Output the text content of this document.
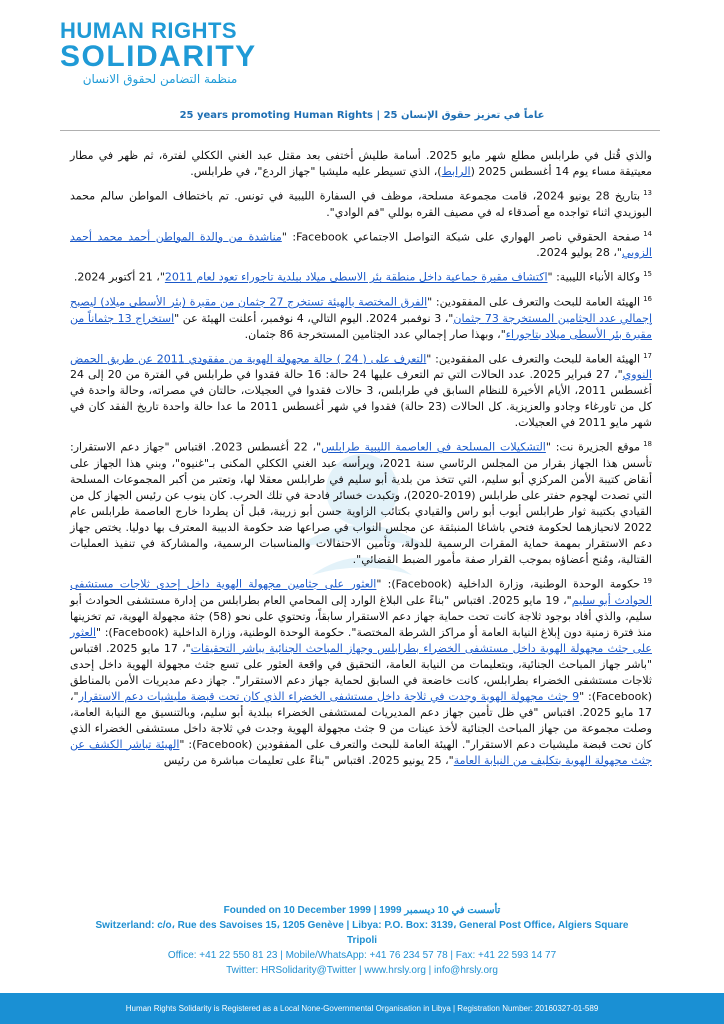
HUMAN RIGHTS
SOLIDARITY
منظمة التضامن لحقوق الانسان
25 years promoting Human Rights | 25 عاماً في تعزيز حقوق الإنسان

والذي قُتل في طرابلس مطلع شهر مايو 2025. أسامة طليش أختفى بعد مقتل عبد الغني الككلي لفترة، ثم ظهر في مطار معيتيقة مساء يوم 14 أغسطس 2025 (الرابط)، الذي تسيطر عليه مليشيا "جهاز الردع"، في طرابلس.

$^{13}$بتاريخ 28 يونيو 2024، قامت مجموعة مسلحة، موظف في السفارة الليبية في تونس. تم باختطاف المواطن سالم محمد البوزيدي اثناء تواجده مع أصدقاء له في مصيف القره بوللي "فم الوادي".

$^{14}$صفحة الحقوقي ناصر الهواري على شبكة التواصل الاجتماعي Facebook: "مناشدة من والدة المواطن أحمد محمد أحمد الزوبي"، 28 يوليو 2024.

$^{15}$وكالة الأنباء الليبية: "اكتشاف مقبرة جماعية داخل منطقة بئر الاسطى ميلاد ببلدية تاجوراء تعود لعام 2011"، 21 أكتوبر 2024.

$^{16}$الهيئة العامة للبحث والتعرف على المفقودين: "الفرق المختصة بالهيئة تستخرج 27 جثمان من مقبرة (بئر الأسطى ميلاد) ليصبح إجمالي عدد الجثامين المستخرجة 73 جثمان"، 3 نوفمبر 2024. اليوم التالي، 4 نوفمبر، أعلنت الهيئة عن "استخراج 13 جثماناً من مقبرة بئر الأسطى ميلاد بتاجوراء"، وبهذا صار إجمالي عدد الجثامين المستخرجة 86 جثمان.

$^{17}$الهيئة العامة للبحث والتعرف على المفقودين: "التعرف على ( 24 ) حالة مجهولة الهوية من مفقودي 2011 عن طريق الحمض النووي"، 27 فبراير 2025. عدد الحالات التي تم التعرف عليها 24 حالة: 16 حالة فقدوا في طرابلس في الفترة من 20 إلى 24 أغسطس 2011، الأيام الأخيرة للنظام السابق في طرابلس، 3 حالات فقدوا في العجيلات، حالتان في مصراته، وحالة واحدة في كل من تاورغاء وجادو والعزيزية. كل الحالات (23 حالة) فقدوا في شهر أغسطس 2011 ما عدا حالة واحدة تاريخ الفقد كان في شهر مايو 2011 في العجيلات.

$^{18}$موقع الجزيرة نت: "التشكيلات المسلحة في العاصمة الليبية طرابلس"، 22 أغسطس 2023. اقتباس "جهاز دعم الاستقرار: تأسس هذا الجهاز بقرار من المجلس الرئاسي سنة 2021، ويرأسه عبد الغني الككلي المكنى بـ"غنيوه"، وبني هذا الجهاز على أنقاض كتيبة الأمن المركزي أبو سليم، التي تتخذ من بلدية أبو سليم في طرابلس معقلا لها، وتعتبر من أكبر المجموعات المسلحة التي تصدت لهجوم حفتر على طرابلس (2019-2020)، وتكبدت خسائر فادحة في تلك الحرب. كان ينوب عن رئيس الجهاز كل من القيادي بكتيبة ثوار طرابلس أيوب أبو راس والقيادي بكتائب الزاوية حسن أبو زريبة، قبل أن يطردا خارج العاصمة طرابلس عام 2022 لانحيازهما لحكومة فتحي باشاغا المنبثقة عن مجلس النواب في صراعها ضد حكومة الدبيبة المعترف بها دوليا. يختص جهاز دعم الاستقرار بمهمة حماية المقرات الرسمية للدولة، وتأمين الاحتفالات والمناسبات الرسمية، والمشاركة في تنفيذ العمليات القتالية، ومُنح أعضاؤه بموجب القرار صفة مأمور الضبط القضائي".

$^{19}$حكومة الوحدة الوطنية، وزارة الداخلية (Facebook): "العثور على جثامين مجهولة الهوية داخل إحدى ثلاجات مستشفى الحوادث أبو سليم"، 19 مايو 2025. اقتباس "بناءً على البلاغ الوارد إلى المحامي العام بطرابلس من إدارة مستشفى الحوادث أبو سليم، والذي أفاد بوجود ثلاجة كانت تحت حماية جهاز دعم الاستقرار سابقاً، وتحتوي على نحو (58) جثة مجهولة الهوية، تم تخزينها منذ فترة زمنية دون إبلاغ النيابة العامة أو مراكز الشرطة المختصة". حكومة الوحدة الوطنية، وزارة الداخلية (Facebook): "العثور على جثث مجهولة الهوية داخل مستشفى الخضراء بطرابلس وجهاز المباحث الجنائية يباشر التحقيقات"، 17 مايو 2025. اقتباس "باشر جهاز المباحث الجنائية، وبتعليمات من النيابة العامة، التحقيق في واقعة العثور على تسع جثث مجهولة الهوية داخل إحدى ثلاجات مستشفى الخضراء بطرابلس، كانت خاضعة في السابق لحماية جهاز دعم الاستقرار". جهاز دعم مديريات الأمن بالمناطق (Facebook): "9 جثث مجهولة الهوية وجدت في ثلاجة داخل مستشفى الخضراء الذي كان تحت قبضة مليشيات دعم الاستقرار"، 17 مايو 2025. اقتباس "في ظل تأمين جهاز دعم المديريات لمستشفى الخضراء ببلدية أبو سليم، وبالتنسيق مع النيابة العامة، وصلت مجموعة من جهاز المباحث الجنائية لأخذ عينات من 9 جثث مجهولة الهوية وجدت في ثلاجة داخل مستشفى الخضراء الذي كان تحت قبضة مليشيات دعم الاستقرار". الهيئة العامة للبحث والتعرف على المفقودين (Facebook): "الهيئة تباشر الكشف عن جثث مجهولة الهوية بتكليف من النيابة العامة"، 25 يونيو 2025. اقتباس "بناءً على تعليمات مباشرة من رئيس

Founded on 10 December 1999 | تأسست في 10 ديسمبر 1999
Switzerland: c/o، Rue des Savoises 15، 1205 Genève | Libya: P.O. Box: 3139، General Post Office، Algiers Square
Tripoli
Office: +41 22 550 81 23 | Mobile/WhatsApp: +41 76 234 57 78 | Fax: +41 22 593 14 77
Twitter: HRSolidarity@Twitter | www.hrsly.org | info@hrsly.org
Human Rights Solidarity is Registered as a Local None-Governmental Organisation in Libya | Registration Number: 20160327-01-589
